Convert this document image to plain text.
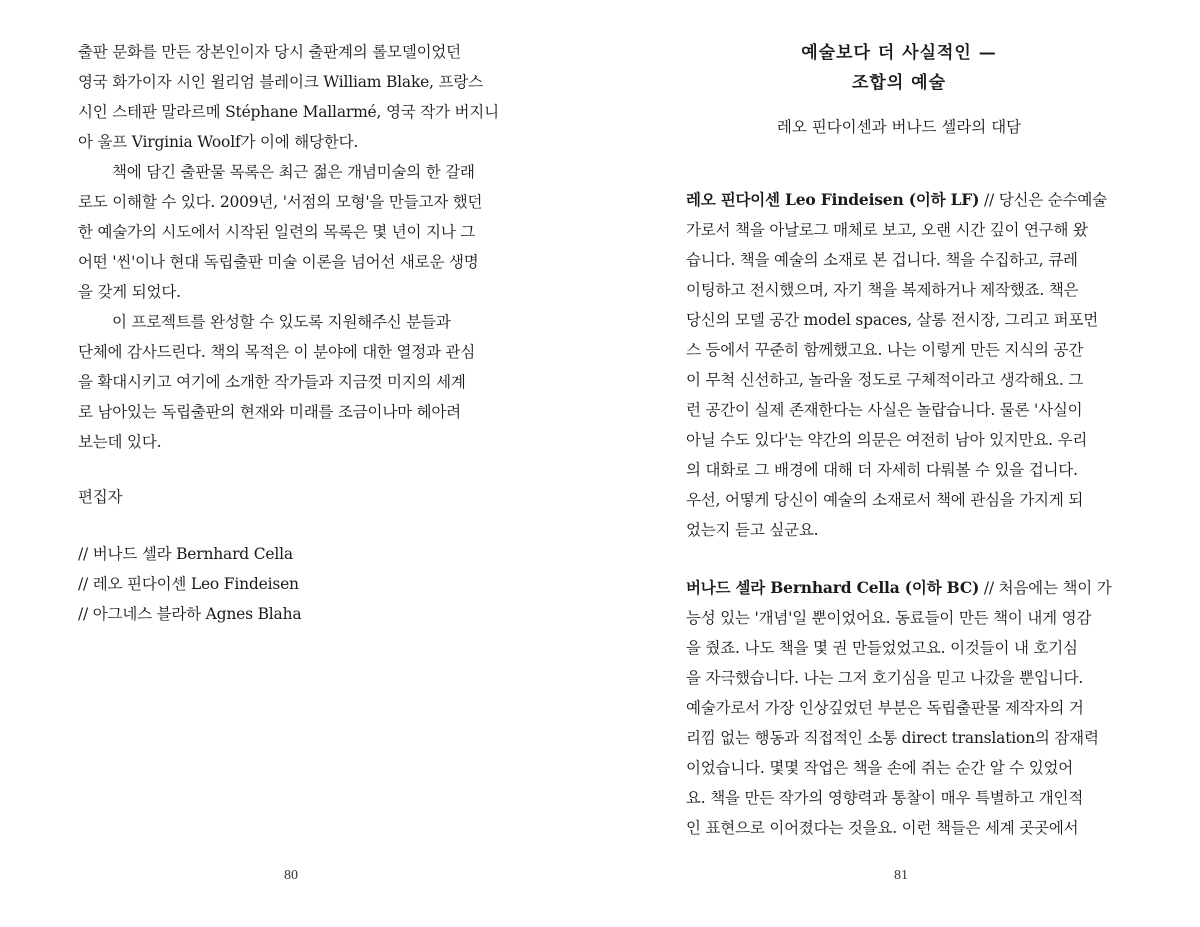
출판 문화를 만든 장본인이자 당시 출판계의 롤모델이었던
영국 화가이자 시인 윌리엄 블레이크 William Blake, 프랑스
시인 스테판 말라르메 Stéphane Mallarmé, 영국 작가 버지니
아 울프 Virginia Woolf가 이에 해당한다.
책에 담긴 출판물 목록은 최근 젊은 개념미술의 한 갈래
로도 이해할 수 있다. 2009년, '서점의 모형'을 만들고자 했던
한 예술가의 시도에서 시작된 일련의 목록은 몇 년이 지나 그
어떤 '씬'이나 현대 독립출판 미술 이론을 넘어선 새로운 생명
을 갖게 되었다.
이 프로젝트를 완성할 수 있도록 지원해주신 분들과
단체에 감사드린다. 책의 목적은 이 분야에 대한 열정과 관심
을 확대시키고 여기에 소개한 작가들과 지금껏 미지의 세계
로 남아있는 독립출판의 현재와 미래를 조금이나마 헤아려
보는데 있다.
편집자
// 버나드 셀라 Bernhard Cella
// 레오 핀다이센 Leo Findeisen
// 아그네스 블라하 Agnes Blaha
80
예술보다 더 사실적인 —
조합의 예술
레오 핀다이센과 버나드 셀라의 대담
레오 핀다이센 Leo Findeisen (이하 LF) // 당신은 순수예술
가로서 책을 아날로그 매체로 보고, 오랜 시간 깊이 연구해 왔
습니다. 책을 예술의 소재로 본 겁니다. 책을 수집하고, 큐레
이팅하고 전시했으며, 자기 책을 복제하거나 제작했죠. 책은
당신의 모델 공간 model spaces, 살롱 전시장, 그리고 퍼포먼
스 등에서 꾸준히 함께했고요. 나는 이렇게 만든 지식의 공간
이 무척 신선하고, 놀라울 정도로 구체적이라고 생각해요. 그
런 공간이 실제 존재한다는 사실은 놀랍습니다. 물론 '사실이
아닐 수도 있다'는 약간의 의문은 여전히 남아 있지만요. 우리
의 대화로 그 배경에 대해 더 자세히 다뤄볼 수 있을 겁니다.
우선, 어떻게 당신이 예술의 소재로서 책에 관심을 가지게 되
었는지 듣고 싶군요.
버나드 셀라 Bernhard Cella (이하 BC) // 처음에는 책이 가
능성 있는 '개념'일 뿐이었어요. 동료들이 만든 책이 내게 영감
을 줬죠. 나도 책을 몇 권 만들었었고요. 이것들이 내 호기심
을 자극했습니다. 나는 그저 호기심을 믿고 나갔을 뿐입니다.
예술가로서 가장 인상깊었던 부분은 독립출판물 제작자의 거
리낌 없는 행동과 직접적인 소통 direct translation의 잠재력
이었습니다. 몇몇 작업은 책을 손에 쥐는 순간 알 수 있었어
요. 책을 만든 작가의 영향력과 통찰이 매우 특별하고 개인적
인 표현으로 이어졌다는 것을요. 이런 책들은 세계 곳곳에서
81
